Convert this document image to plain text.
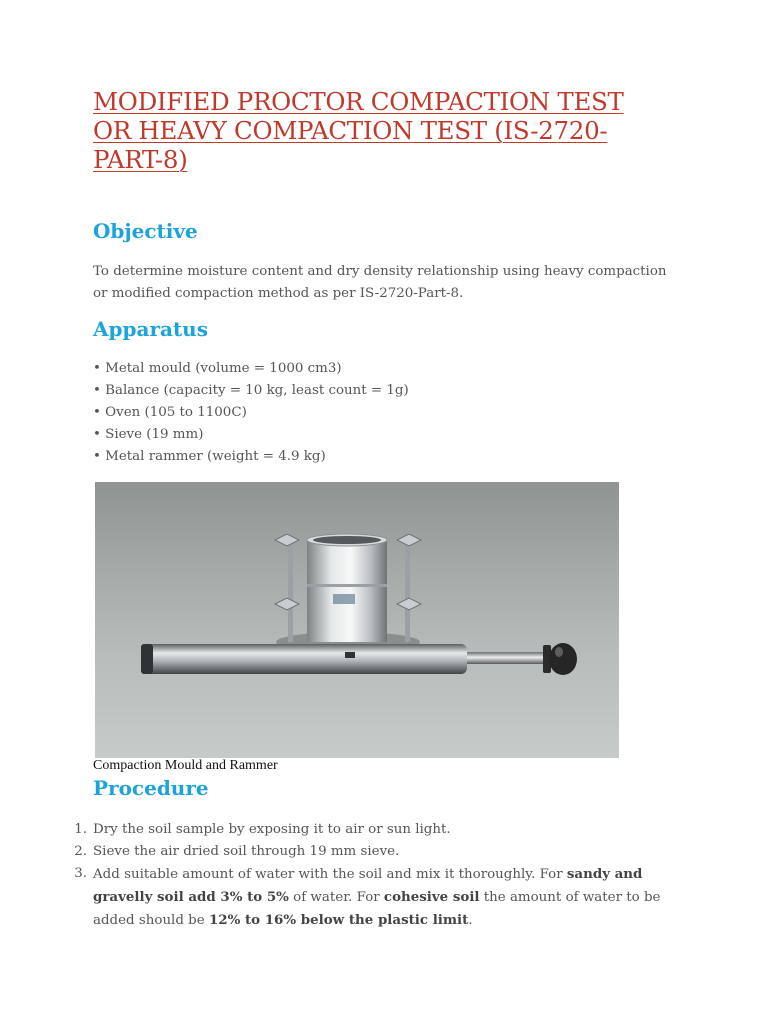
MODIFIED PROCTOR COMPACTION TEST OR HEAVY COMPACTION TEST (IS-2720-PART-8)
Objective

To determine moisture content and dry density relationship using heavy compaction or modified compaction method as per IS-2720-Part-8.

Apparatus
• Metal mould (volume = 1000 cm3)
• Balance (capacity = 10 kg, least count = 1g)
• Oven (105 to 1100C)
• Sieve (19 mm)
• Metal rammer (weight = 4.9 kg)

Compaction Mould and Rammer

Procedure
1. Dry the soil sample by exposing it to air or sun light.
2. Sieve the air dried soil through 19 mm sieve.
3. Add suitable amount of water with the soil and mix it thoroughly. For sandy and gravelly soil add 3% to 5% of water. For cohesive soil the amount of water to be added should be 12% to 16% below the plastic limit.
